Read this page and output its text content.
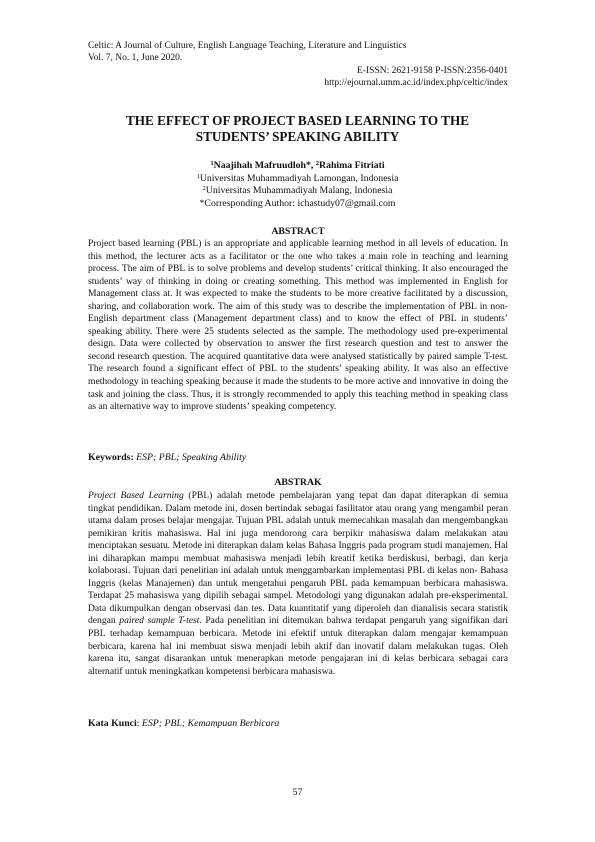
Celtic: A Journal of Culture, English Language Teaching, Literature and Linguistics
Vol. 7, No. 1, June 2020.
E-ISSN: 2621-9158 P-ISSN:2356-0401
http://ejournal.umm.ac.id/index.php/celtic/index
THE EFFECT OF PROJECT BASED LEARNING TO THE
STUDENTS’ SPEAKING ABILITY
$^1$Naajihah Mafruudloh*, $^2$Rahima Fitriati
$^1$Universitas Muhammadiyah Lamongan, Indonesia
$^2$Universitas Muhammadiyah Malang, Indonesia
*Corresponding Author: ichastudy07@gmail.com
ABSTRACT

Project based learning (PBL) is an appropriate and applicable learning method in all levels of education. In this method, the lecturer acts as a facilitator or the one who takes a main role in teaching and learning process. The aim of PBL is to solve problems and develop students’ critical thinking. It also encouraged the students’ way of thinking in doing or creating something. This method was implemented in English for Management class at. It was expected to make the students to be more creative facilitated by a discussion, sharing, and collaboration work. The aim of this study was to describe the implementation of PBL in non-English department class (Management department class) and to know the effect of PBL in students’ speaking ability. There were 25 students selected as the sample. The methodology used pre-experimental design. Data were collected by observation to answer the first research question and test to answer the second research question. The acquired quantitative data were analysed statistically by paired sample T-test. The research found a significant effect of PBL to the students’ speaking ability. It was also an effective methodology in teaching speaking because it made the students to be more active and innovative in doing the task and joining the class. Thus, it is strongly recommended to apply this teaching method in speaking class as an alternative way to improve students’ speaking competency.

Keywords: ESP; PBL; Speaking Ability
ABSTRAK

Project Based Learning (PBL) adalah metode pembelajaran yang tepat dan dapat diterapkan di semua tingkat pendidikan. Dalam metode ini, dosen bertindak sebagai fasilitator atau orang yang mengambil peran utama dalam proses belajar mengajar. Tujuan PBL adalah untuk memecahkan masalah dan mengembangkan pemikiran kritis mahasiswa. Hal ini juga mendorong cara berpikir mahasiswa dalam melakukan atau menciptakan sesuatu. Metode ini diterapkan dalam kelas Bahasa Inggris pada program studi manajemen. Hal ini diharapkan mampu membuat mahasiswa menjadi lebih kreatif ketika berdiskusi, berbagi, dan kerja kolaborasi. Tujuan dari penelitian ini adalah untuk menggambarkan implementasi PBL di kelas non- Bahasa Inggris (kelas Manajemen) dan untuk mengetahui pengaruh PBL pada kemampuan berbicara mahasiswa. Terdapat 25 mahasiswa yang dipilih sebagai sampel. Metodologi yang digunakan adalah pre-eksperimental. Data dikumpulkan dengan observasi dan tes. Data kuantitatif yang diperoleh dan dianalisis secara statistik dengan paired sample T-test. Pada penelitian ini ditemukan bahwa terdapat pengaruh yang signifikan dari PBL terhadap kemampuan berbicara. Metode ini efektif untuk diterapkan dalam mengajar kemampuan berbicara, karena hal ini membuat siswa menjadi lebih aktif dan inovatif dalam melakukan tugas. Oleh karena itu, sangat disarankan untuk menerapkan metode pengajaran ini di kelas berbicara sebagai cara alternatif untuk meningkatkan kompetensi berbicara mahasiswa.

Kata Kunci: ESP; PBL; Kemampuan Berbicara
57
